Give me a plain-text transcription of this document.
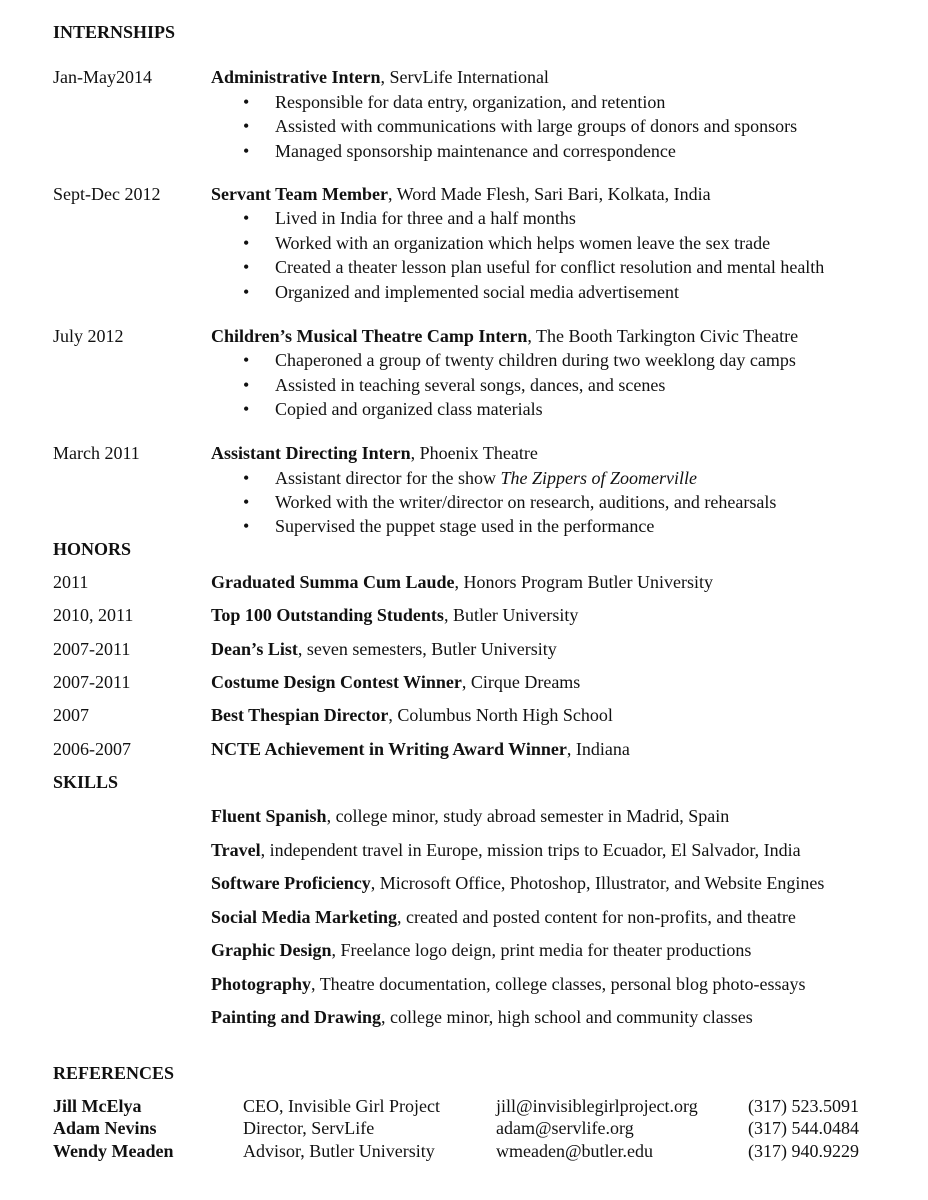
INTERNSHIPS
Jan-May2014	Administrative Intern, ServLife International
• Responsible for data entry, organization, and retention
• Assisted with communications with large groups of donors and sponsors
• Managed sponsorship maintenance and correspondence
Sept-Dec 2012	Servant Team Member, Word Made Flesh, Sari Bari, Kolkata, India
• Lived in India for three and a half months
• Worked with an organization which helps women leave the sex trade
• Created a theater lesson plan useful for conflict resolution and mental health
• Organized and implemented social media advertisement
July 2012	Children’s Musical Theatre Camp Intern, The Booth Tarkington Civic Theatre
• Chaperoned a group of twenty children during two weeklong day camps
• Assisted in teaching several songs, dances, and scenes
• Copied and organized class materials
March 2011	Assistant Directing Intern, Phoenix Theatre
• Assistant director for the show The Zippers of Zoomerville
• Worked with the writer/director on research, auditions, and rehearsals
• Supervised the puppet stage used in the performance
HONORS
2011	Graduated Summa Cum Laude, Honors Program Butler University
2010, 2011	Top 100 Outstanding Students, Butler University
2007-2011	Dean’s List, seven semesters, Butler University
2007-2011	Costume Design Contest Winner, Cirque Dreams
2007	Best Thespian Director, Columbus North High School
2006-2007	NCTE Achievement in Writing Award Winner, Indiana
SKILLS
Fluent Spanish, college minor, study abroad semester in Madrid, Spain
Travel, independent travel in Europe, mission trips to Ecuador, El Salvador, India
Software Proficiency, Microsoft Office, Photoshop, Illustrator, and Website Engines
Social Media Marketing, created and posted content for non-profits, and theatre
Graphic Design, Freelance logo deign, print media for theater productions
Photography, Theatre documentation, college classes, personal blog photo-essays
Painting and Drawing, college minor, high school and community classes
REFERENCES
Jill McElya	CEO, Invisible Girl Project	jill@invisiblegirlproject.org	(317) 523.5091
Adam Nevins	Director, ServLife	adam@servlife.org	(317) 544.0484
Wendy Meaden	Advisor, Butler University	wmeaden@butler.edu	(317) 940.9229
